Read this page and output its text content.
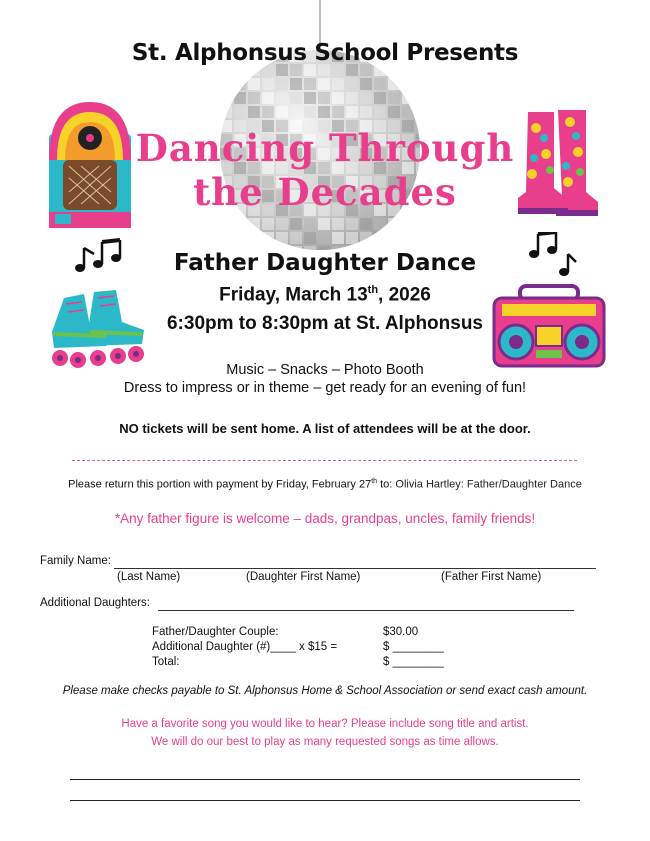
St. Alphonsus School Presents
Dancing Through
the Decades
Father Daughter Dance
Friday, March 13th, 2026
6:30pm to 8:30pm at St. Alphonsus
Music – Snacks – Photo Booth
Dress to impress or in theme – get ready for an evening of fun!
NO tickets will be sent home. A list of attendees will be at the door.
Please return this portion with payment by Friday, February 27th to: Olivia Hartley: Father/Daughter Dance
*Any father figure is welcome – dads, grandpas, uncles, family friends!
Family Name:
(Last Name)	(Daughter First Name)	(Father First Name)
Additional Daughters:
Father/Daughter Couple:	$30.00
Additional Daughter (#)____ x $15 =	$ ________
Total:	$ ________
Please make checks payable to St. Alphonsus Home & School Association or send exact cash amount.
Have a favorite song you would like to hear? Please include song title and artist.
We will do our best to play as many requested songs as time allows.
